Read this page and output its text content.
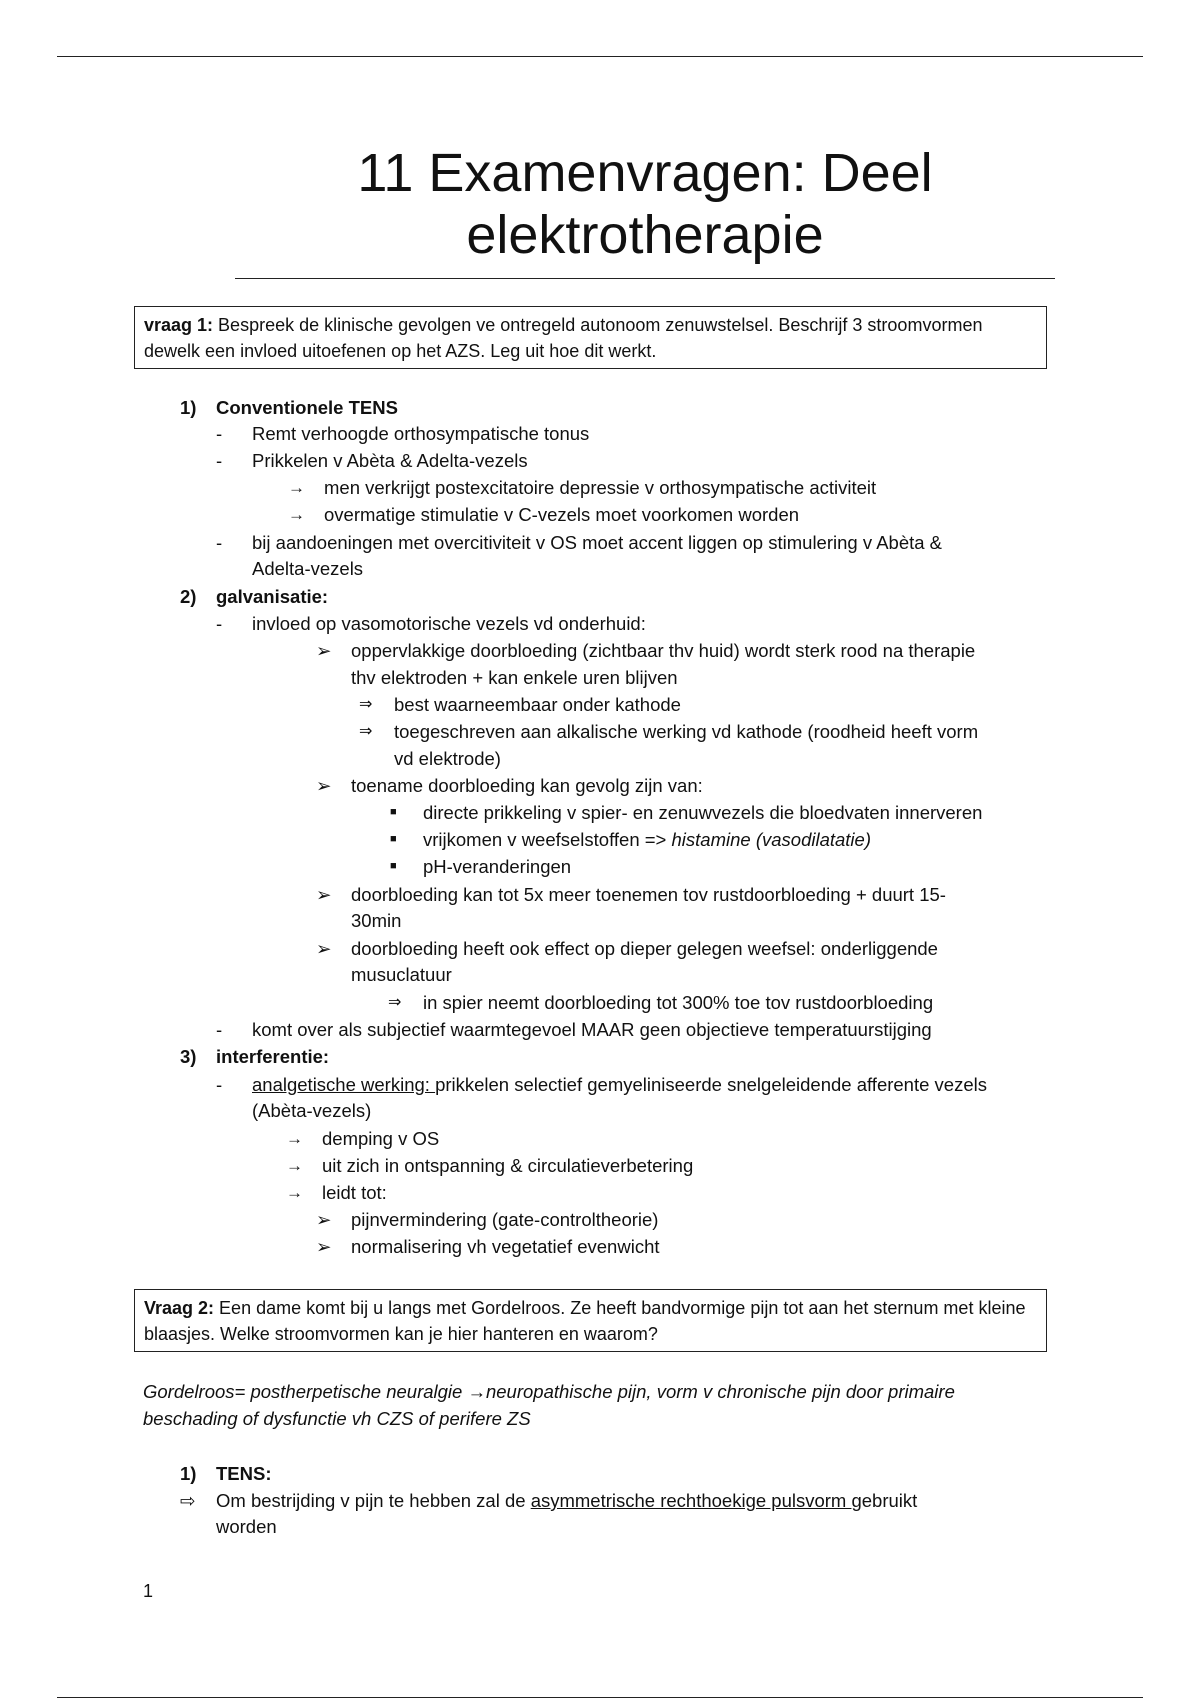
11 Examenvragen: Deel
elektrotherapie
vraag 1: Bespreek de klinische gevolgen ve ontregeld autonoom zenuwstelsel. Beschrijf 3 stroomvormen dewelk een invloed uitoefenen op het AZS. Leg uit hoe dit werkt.
1) Conventionele TENS
- Remt verhoogde orthosympatische tonus
- Prikkelen v Abèta & Adelta-vezels
→ men verkrijgt postexcitatoire depressie v orthosympatische activiteit
→ overmatige stimulatie v C-vezels moet voorkomen worden
- bij aandoeningen met overcitiviteit v OS moet accent liggen op stimulering v Abèta &
Adelta-vezels
2) galvanisatie:
- invloed op vasomotorische vezels vd onderhuid:
➢ oppervlakkige doorbloeding (zichtbaar thv huid) wordt sterk rood na therapie
thv elektroden + kan enkele uren blijven
⇒ best waarneembaar onder kathode
⇒ toegeschreven aan alkalische werking vd kathode (roodheid heeft vorm
vd elektrode)
➢ toename doorbloeding kan gevolg zijn van:
■ directe prikkeling v spier- en zenuwvezels die bloedvaten innerveren
■ vrijkomen v weefselstoffen => histamine (vasodilatatie)
■ pH-veranderingen
➢ doorbloeding kan tot 5x meer toenemen tov rustdoorbloeding + duurt 15-
30min
➢ doorbloeding heeft ook effect op dieper gelegen weefsel: onderliggende
musuclatuur
⇒ in spier neemt doorbloeding tot 300% toe tov rustdoorbloeding
- komt over als subjectief waarmtegevoel MAAR geen objectieve temperatuurstijging
3) interferentie:
- analgetische werking: prikkelen selectief gemyeliniseerde snelgeleidende afferente vezels
(Abèta-vezels)
→ demping v OS
→ uit zich in ontspanning & circulatieverbetering
→ leidt tot:
➢ pijnvermindering (gate-controltheorie)
➢ normalisering vh vegetatief evenwicht
Vraag 2: Een dame komt bij u langs met Gordelroos. Ze heeft bandvormige pijn tot aan het sternum met kleine blaasjes. Welke stroomvormen kan je hier hanteren en waarom?
Gordelroos= postherpetische neuralgie →neuropathische pijn, vorm v chronische pijn door primaire
beschading of dysfunctie vh CZS of perifere ZS
1) TENS:
⇨ Om bestrijding v pijn te hebben zal de asymmetrische rechthoekige pulsvorm gebruikt
worden
1
